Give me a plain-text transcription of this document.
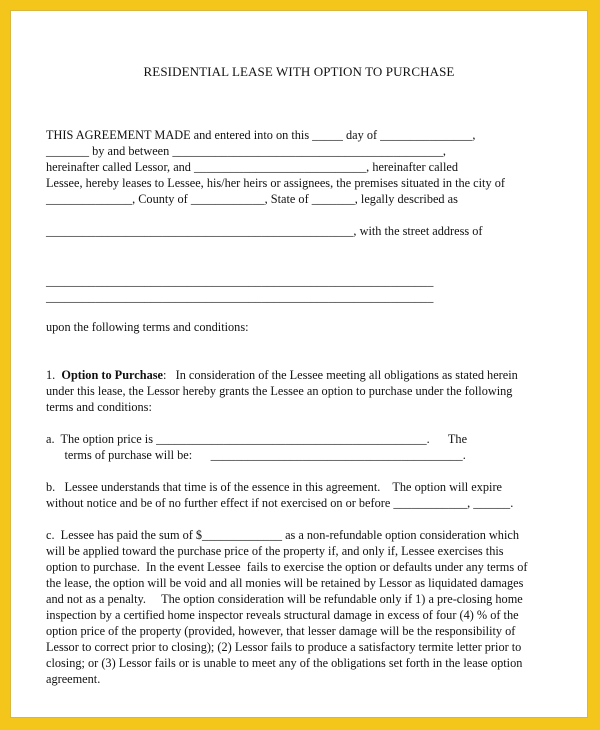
RESIDENTIAL LEASE WITH OPTION TO PURCHASE
THIS AGREEMENT MADE and entered into on this _____ day of _______________,
_______ by and between ____________________________________________,
hereinafter called Lessor, and ____________________________, hereinafter called
Lessee, hereby leases to Lessee, his/her heirs or assignees, the premises situated in the city of
______________, County of ____________, State of _______, legally described as
__________________________________________________, with the street address of
_______________________________________________________________
_______________________________________________________________
upon the following terms and conditions:
1. Option to Purchase:   In consideration of the Lessee meeting all obligations as stated herein
under this lease, the Lessor hereby grants the Lessee an option to purchase under the following
terms and conditions:
a.  The option price is ____________________________________________.      The
terms of purchase will be:      _________________________________________.
b.   Lessee understands that time is of the essence in this agreement.    The option will expire
without notice and be of no further effect if not exercised on or before ____________, ______.
c.  Lessee has paid the sum of $_____________ as a non-refundable option consideration which
will be applied toward the purchase price of the property if, and only if, Lessee exercises this
option to purchase.  In the event Lessee  fails to exercise the option or defaults under any terms of
the lease, the option will be void and all monies will be retained by Lessor as liquidated damages
and not as a penalty.     The option consideration will be refundable only if 1) a pre-closing home
inspection by a certified home inspector reveals structural damage in excess of four (4) % of the
option price of the property (provided, however, that lesser damage will be the responsibility of
Lessor to correct prior to closing); (2) Lessor fails to produce a satisfactory termite letter prior to
closing; or (3) Lessor fails or is unable to meet any of the obligations set forth in the lease option
agreement.
